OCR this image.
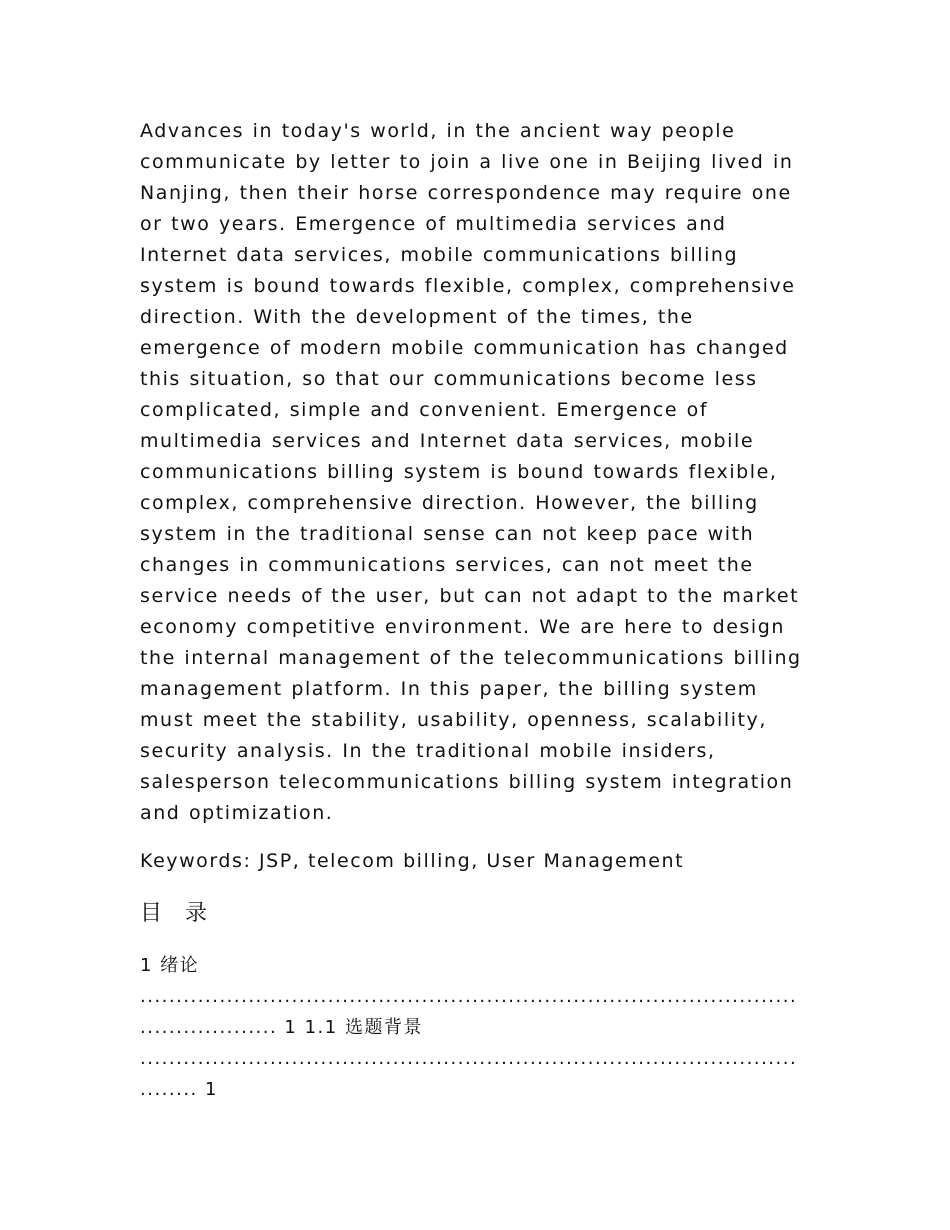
Advances in today's world, in the ancient way people communicate by letter to join a live one in Beijing lived in Nanjing, then their horse correspondence may require one or two years. Emergence of multimedia services and Internet data services, mobile communications billing system is bound towards flexible, complex, comprehensive direction. With the development of the times, the emergence of modern mobile communication has changed this situation, so that our communications become less complicated, simple and convenient. Emergence of multimedia services and Internet data services, mobile communications billing system is bound towards flexible, complex, comprehensive direction. However, the billing system in the traditional sense can not keep pace with changes in communications services, can not meet the service needs of the user, but can not adapt to the market economy competitive environment. We are here to design the internal management of the telecommunications billing management platform. In this paper, the billing system must meet the stability, usability, openness, scalability, security analysis. In the traditional mobile insiders, salesperson telecommunications billing system integration and optimization.

Keywords: JSP, telecom billing, User Management

目 录
1 绪论
...........................................................................................
................... 1 1.1 选题背景
...........................................................................................
........ 1
